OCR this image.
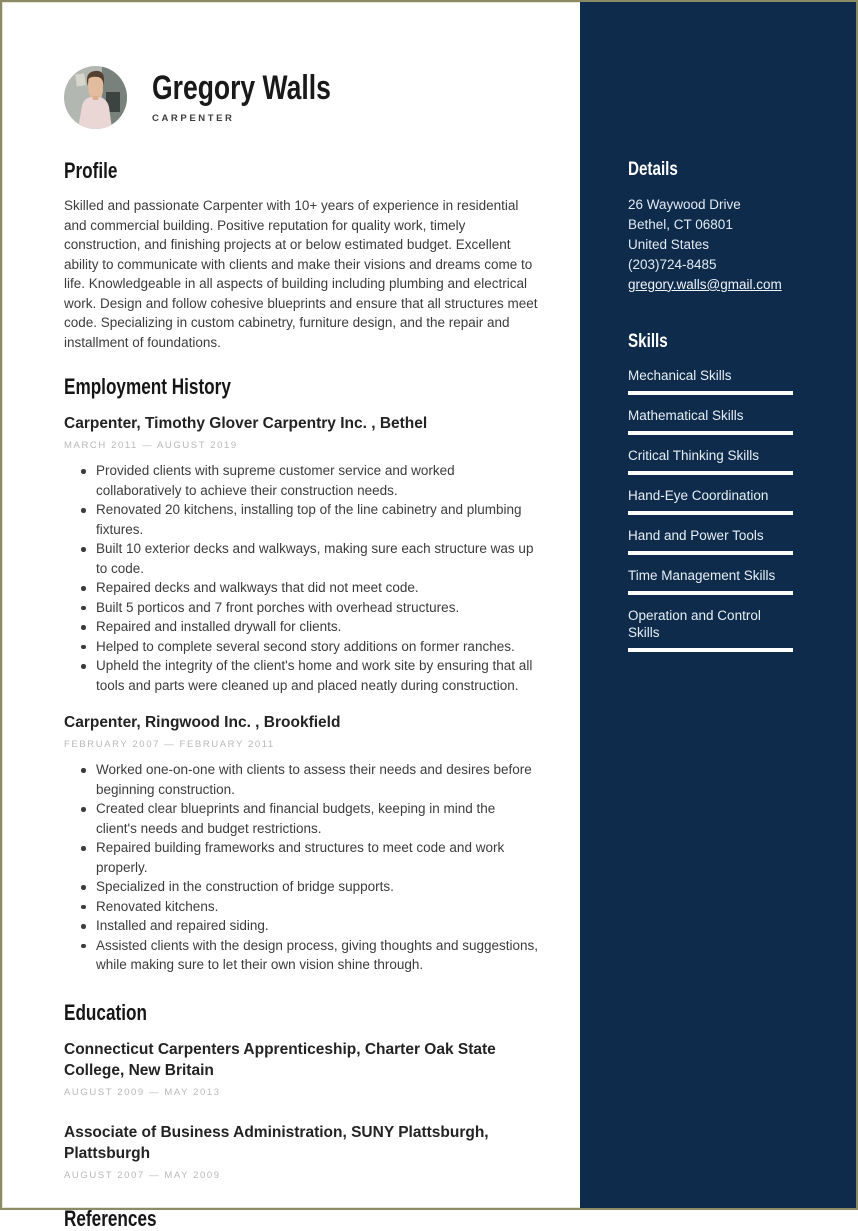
Gregory Walls
CARPENTER
Profile

Skilled and passionate Carpenter with 10+ years of experience in residential and commercial building. Positive reputation for quality work, timely construction, and finishing projects at or below estimated budget. Excellent ability to communicate with clients and make their visions and dreams come to life. Knowledgeable in all aspects of building including plumbing and electrical work. Design and follow cohesive blueprints and ensure that all structures meet code. Specializing in custom cabinetry, furniture design, and the repair and installment of foundations.

Employment History
Carpenter, Timothy Glover Carpentry Inc. , Bethel
MARCH 2011 — AUGUST 2019
Provided clients with supreme customer service and worked collaboratively to achieve their construction needs.
Renovated 20 kitchens, installing top of the line cabinetry and plumbing fixtures.
Built 10 exterior decks and walkways, making sure each structure was up to code.
Repaired decks and walkways that did not meet code.
Built 5 porticos and 7 front porches with overhead structures.
Repaired and installed drywall for clients.
Helped to complete several second story additions on former ranches.
Upheld the integrity of the client's home and work site by ensuring that all tools and parts were cleaned up and placed neatly during construction.
Carpenter, Ringwood Inc. , Brookfield
FEBRUARY 2007 — FEBRUARY 2011
Worked one-on-one with clients to assess their needs and desires before beginning construction.
Created clear blueprints and financial budgets, keeping in mind the client's needs and budget restrictions.
Repaired building frameworks and structures to meet code and work properly.
Specialized in the construction of bridge supports.
Renovated kitchens.
Installed and repaired siding.
Assisted clients with the design process, giving thoughts and suggestions, while making sure to let their own vision shine through.
Education
Connecticut Carpenters Apprenticeship, Charter Oak State College, New Britain
AUGUST 2009 — MAY 2013
Associate of Business Administration, SUNY Plattsburgh, Plattsburgh
AUGUST 2007 — MAY 2009
References
Details
26 Waywood Drive
Bethel, CT 06801
United States
(203)724-8485
gregory.walls@gmail.com
Skills
Mechanical Skills
Mathematical Skills
Critical Thinking Skills
Hand-Eye Coordination
Hand and Power Tools
Time Management Skills
Operation and Control Skills
